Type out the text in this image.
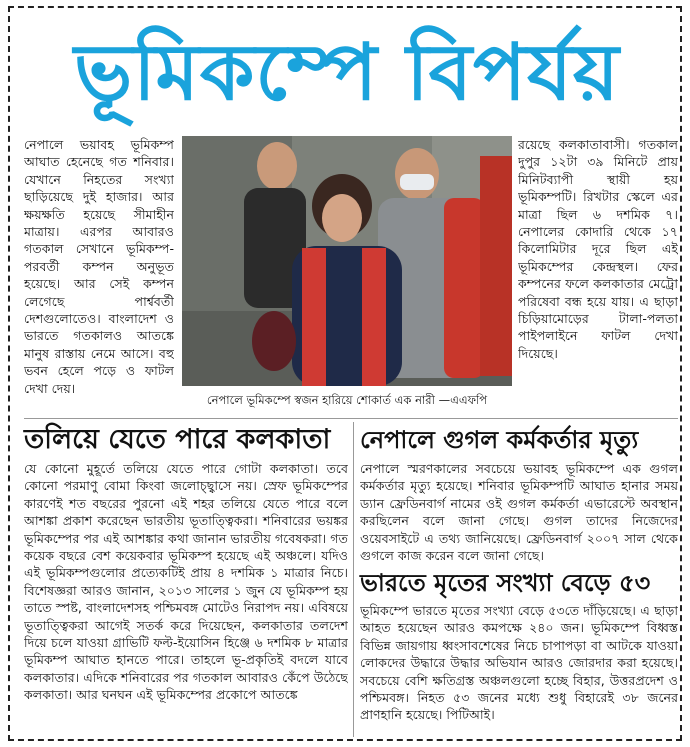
ভূমিকম্পে বিপর্যয়
নেপালে ভয়াবহ ভূমিকম্প আঘাত হেনেছে গত শনিবার। যেখানে নিহতের সংখ্যা ছাড়িয়েছে দুই হাজার। আর ক্ষয়ক্ষতি হয়েছে সীমাহীন মাত্রায়। এরপর আবারও গতকাল সেখানে ভূমিকম্প-পরবর্তী কম্পন অনুভূত হয়েছে। আর সেই কম্পন লেগেছে পার্শ্ববর্তী দেশগুলোতেও। বাংলাদেশ ও ভারতে গতকালও আতঙ্কে মানুষ রাস্তায় নেমে আসে। বহু ভবন হেলে পড়ে ও ফাটল দেখা দেয়।
নেপালে ভূমিকম্পে স্বজন হারিয়ে শোকার্ত এক নারী —এএফপি
রয়েছে কলকাতাবাসী। গতকাল দুপুর ১২টা ৩৯ মিনিটে প্রায় মিনিটব্যাপী স্থায়ী হয় ভূমিকম্পটি। রিখটার স্কেলে এর মাত্রা ছিল ৬ দশমিক ৭। নেপালের কোদারি থেকে ১৭ কিলোমিটার দূরে ছিল এই ভূমিকম্পের কেন্দ্রস্থল। ফের কম্পনের ফলে কলকাতার মেট্রো পরিষেবা বন্ধ হয়ে যায়। এ ছাড়া চিড়িয়ামোড়ের টালা-পলতা পাইপলাইনে ফাটল দেখা দিয়েছে।
তলিয়ে যেতে পারে কলকাতা
যে কোনো মুহূর্তে তলিয়ে যেতে পারে গোটা কলকাতা। তবে কোনো পরমাণু বোমা কিংবা জলোচ্ছ্বাসে নয়। স্রেফ ভূমিকম্পের কারণেই শত বছরের পুরনো এই শহর তলিয়ে যেতে পারে বলে আশঙ্কা প্রকাশ করেছেন ভারতীয় ভূতাত্ত্বিকরা। শনিবারের ভয়ঙ্কর ভূমিকম্পের পর এই আশঙ্কার কথা জানান ভারতীয় গবেষকরা। গত কয়েক বছরে বেশ কয়েকবার ভূমিকম্প হয়েছে এই অঞ্চলে। যদিও এই ভূমিকম্পগুলোর প্রত্যেকটিই প্রায় ৪ দশমিক ১ মাত্রার নিচে। বিশেষজ্ঞরা আরও জানান, ২০১৩ সালের ১ জুন যে ভূমিকম্প হয় তাতে স্পষ্ট, বাংলাদেশসহ পশ্চিমবঙ্গ মোটেও নিরাপদ নয়। এবিষয়ে ভূতাত্ত্বিকরা আগেই সতর্ক করে দিয়েছেন, কলকাতার তলদেশ দিয়ে চলে যাওয়া গ্রাভিটি ফল্ট-ইয়োসিন হিঞ্জে ৬ দশমিক ৮ মাত্রার ভূমিকম্প আঘাত হানতে পারে। তাহলে ভূ-প্রকৃতিই বদলে যাবে কলকাতার। এদিকে শনিবারের পর গতকাল আবারও কেঁপে উঠেছে কলকাতা। আর ঘনঘন এই ভূমিকম্পের প্রকোপে আতঙ্কে
নেপালে গুগল কর্মকর্তার মৃত্যু
নেপালে স্মরণকালের সবচেয়ে ভয়াবহ ভূমিকম্পে এক গুগল কর্মকর্তার মৃত্যু হয়েছে। শনিবার ভূমিকম্পটি আঘাত হানার সময় ড্যান ফ্রেডিনবার্গ নামের ওই গুগল কর্মকর্তা এভারেস্টে অবস্থান করছিলেন বলে জানা গেছে। গুগল তাদের নিজেদের ওয়েবসাইটে এ তথ্য জানিয়েছে। ফ্রেডিনবার্গ ২০০৭ সাল থেকে গুগলে কাজ করেন বলে জানা গেছে।
ভারতে মৃতের সংখ্যা বেড়ে ৫৩
ভূমিকম্পে ভারতে মৃতের সংখ্যা বেড়ে ৫৩তে দাঁড়িয়েছে। এ ছাড়া আহত হয়েছেন আরও কমপক্ষে ২৪০ জন। ভূমিকম্পে বিধ্বস্ত বিভিন্ন জায়গায় ধ্বংসাবশেষের নিচে চাপাপড়া বা আটকে যাওয়া লোকদের উদ্ধারে উদ্ধার অভিযান আরও জোরদার করা হয়েছে। সবচেয়ে বেশি ক্ষতিগ্রস্ত অঞ্চলগুলো হচ্ছে বিহার, উত্তরপ্রদেশ ও পশ্চিমবঙ্গ। নিহত ৫৩ জনের মধ্যে শুধু বিহারেই ৩৮ জনের প্রাণহানি হয়েছে। পিটিআই।
